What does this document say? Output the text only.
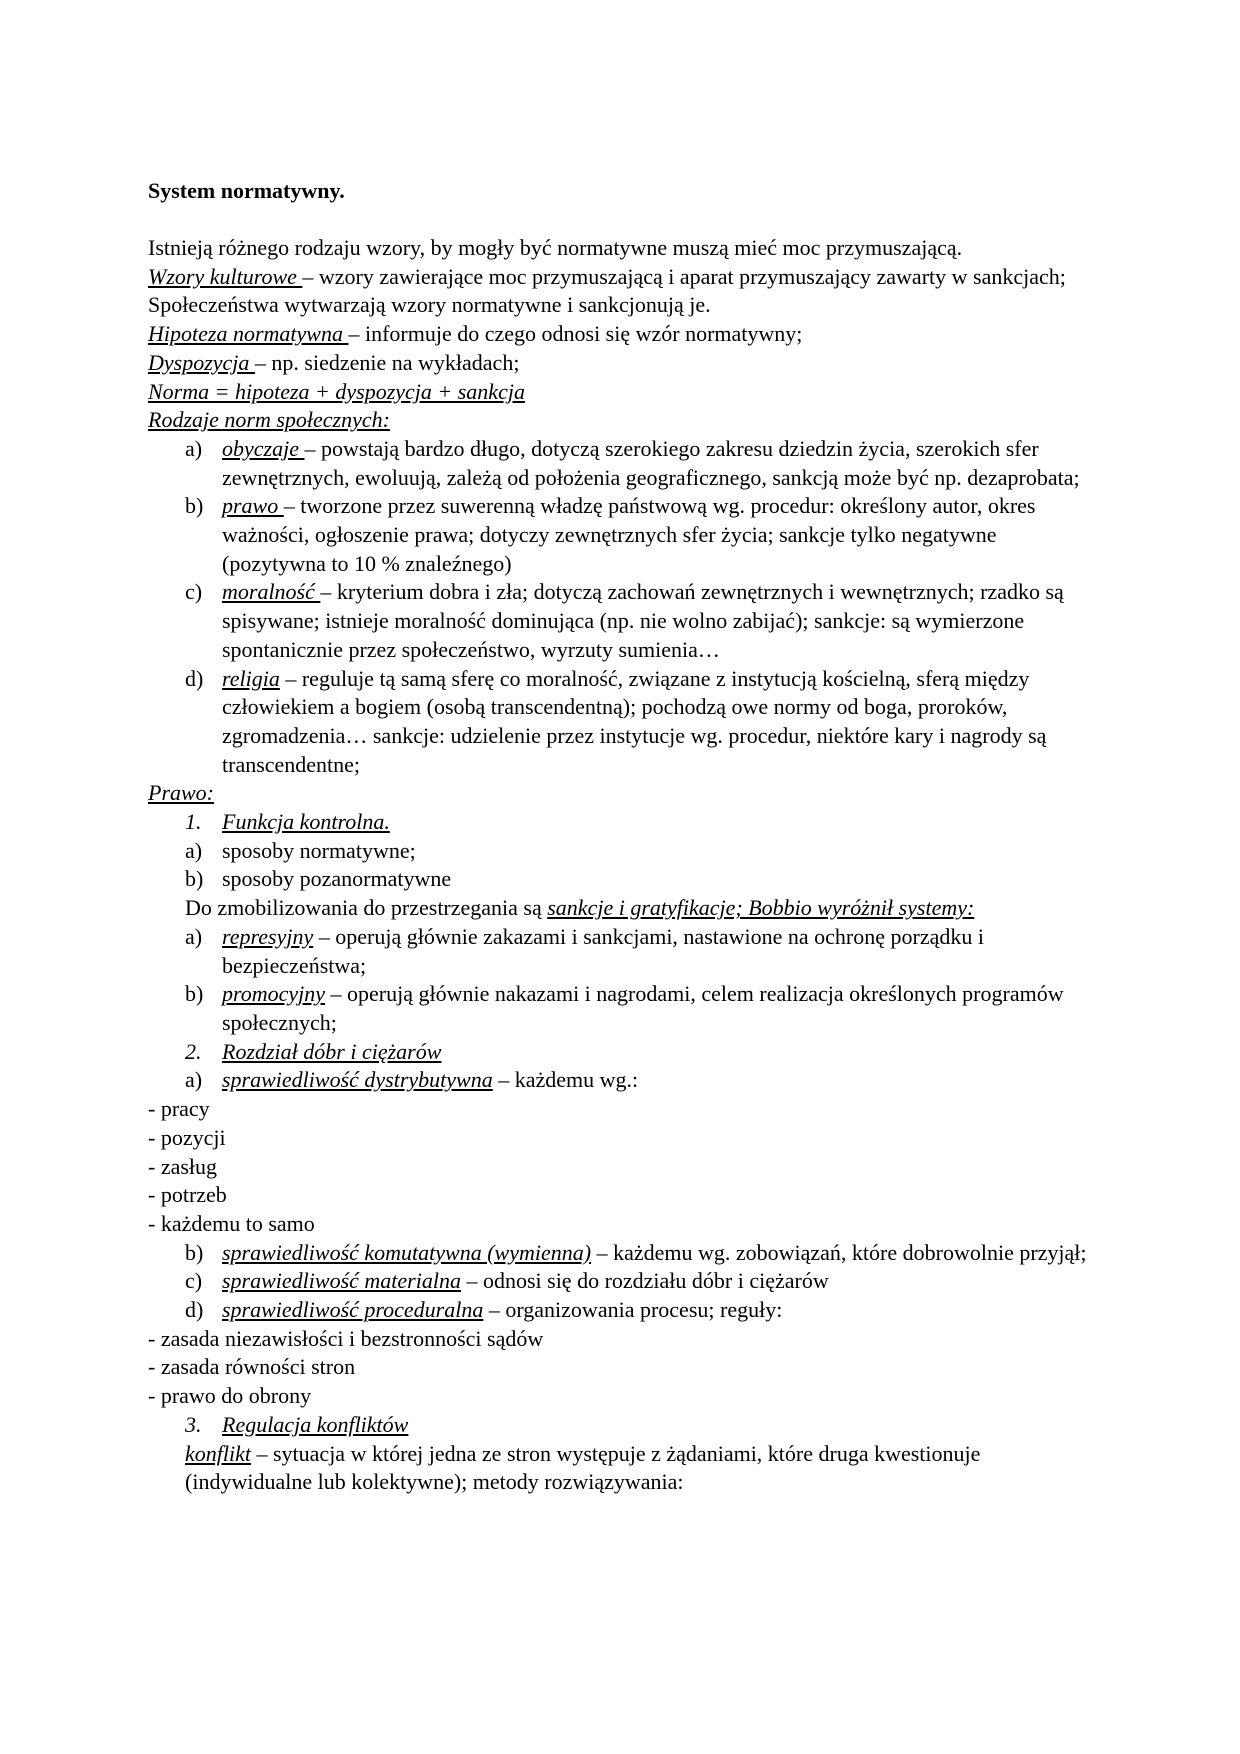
System normatywny.
Istnieją różnego rodzaju wzory, by mogły być normatywne muszą mieć moc przymuszającą.
Wzory kulturowe – wzory zawierające moc przymuszającą i aparat przymuszający zawarty w sankcjach;
Społeczeństwa wytwarzają wzory normatywne i sankcjonują je.
Hipoteza normatywna – informuje do czego odnosi się wzór normatywny;
Dyspozycja – np. siedzenie na wykładach;
Norma = hipoteza + dyspozycja + sankcja
Rodzaje norm społecznych:
a) obyczaje – powstają bardzo długo, dotyczą szerokiego zakresu dziedzin życia, szerokich sfer zewnętrznych, ewoluują, zależą od położenia geograficznego, sankcją może być np. dezaprobata;
b) prawo – tworzone przez suwerenną władzę państwową wg. procedur: określony autor, okres ważności, ogłoszenie prawa; dotyczy zewnętrznych sfer życia; sankcje tylko negatywne (pozytywna to 10 % znaleźnego)
c) moralność – kryterium dobra i zła; dotyczą zachowań zewnętrznych i wewnętrznych; rzadko są spisywane; istnieje moralność dominująca (np. nie wolno zabijać); sankcje: są wymierzone spontanicznie przez społeczeństwo, wyrzuty sumienia…
d) religia – reguluje tą samą sferę co moralność, związane z instytucją kościelną, sferą między człowiekiem a bogiem (osobą transcendentną); pochodzą owe normy od boga, proroków, zgromadzenia… sankcje: udzielenie przez instytucje wg. procedur, niektóre kary i nagrody są transcendentne;
Prawo:
1. Funkcja kontrolna.
a) sposoby normatywne;
b) sposoby pozanormatywne
Do zmobilizowania do przestrzegania są sankcje i gratyfikacje; Bobbio wyróżnił systemy:
a) represyjny – operują głównie zakazami i sankcjami, nastawione na ochronę porządku i bezpieczeństwa;
b) promocyjny – operują głównie nakazami i nagrodami, celem realizacja określonych programów społecznych;
2. Rozdział dóbr i ciężarów
a) sprawiedliwość dystrybutywna – każdemu wg.:
- pracy
- pozycji
- zasług
- potrzeb
- każdemu to samo
b) sprawiedliwość komutatywna (wymienna) – każdemu wg. zobowiązań, które dobrowolnie przyjął;
c) sprawiedliwość materialna – odnosi się do rozdziału dóbr i ciężarów
d) sprawiedliwość proceduralna – organizowania procesu; reguły:
- zasada niezawisłości i bezstronności sądów
- zasada równości stron
- prawo do obrony
3. Regulacja konfliktów
konflikt – sytuacja w której jedna ze stron występuje z żądaniami, które druga kwestionuje (indywidualne lub kolektywne); metody rozwiązywania:
